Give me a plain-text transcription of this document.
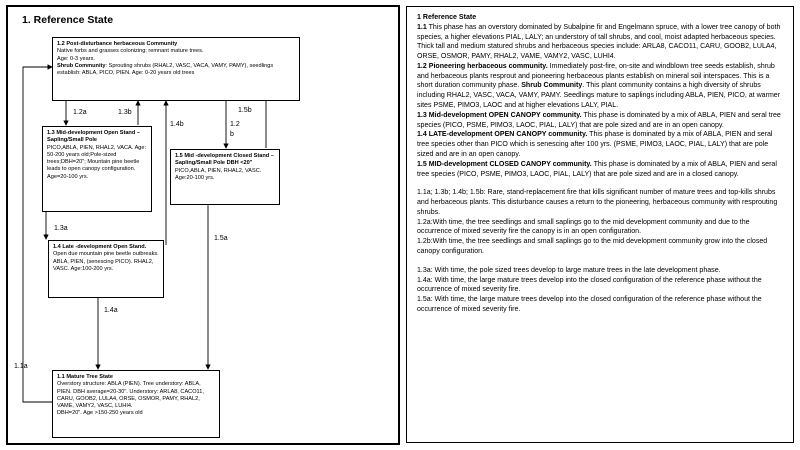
1. Reference State
1.2 Post-disturbance herbaceous Community
Native forbs and grasses colonizing; remnant mature trees.
Age: 0-3 years.
Shrub Community: Sprouting shrubs (RHAL2, VASC, VACA, VAMY, PAMY), seedlings establish: ABLA, PICO, PIEN. Age: 0-20 years old trees
1.3 Mid-development Open Stand – Sapling/Small Pole
PICO,ABLA, PIEN, RHAL2, VACA. Age: 50-200 years old;Pole-sized trees;DBH=20"; Mountain pine beetle leads to open canopy configuration. Age=20-100 yrs.
1.5 Mid -development Closed Stand – Sapling/Small Pole DBH <20"
PICO,ABLA, PIEN, RHAL2, VASC. Age:20-100 yrs.
1.4 Late -development Open Stand. Open due mountain pine beetle outbreaks. ABLA, PIEN, (senescing PICO). RHAL2, VASC. Age:100-200 yrs.
1.1 Mature Tree State
Overstory structure: ABLA (PIEN). Tree understory: ABLA, PIEN. DBH average=20-30". Understory: ARLA8, CACO11, CARU, GOOB2, LULA4, ORSE, OSMOR, PAMY, RHAL2, VAME, VAMY2, VASC, LUHI4.
DBH=20". Age >150-250 years old
1.2a	1.3b
1.4b	1.2
b
1.5b
1.3a
1.4a
1.5a
1.1a

1 Reference State

1.1 This phase has an overstory dominated by Subalpine fir and Engelmann spruce, with a lower tree canopy of both species, a higher elevations PIAL, LALY; an understory of tall shrubs, and cool, moist adapted herbaceous species. Thick tall and medium statured shrubs and herbaceous species include: ARLA8, CACO11, CARU, GOOB2, LULA4, ORSE, OSMOR, PAMY, RHAL2, VAME, VAMY2, VASC, LUHI4.

1.2 Pioneering herbaceous community. Immediately post-fire, on-site and windblown tree seeds establish, shrub and herbaceous plants resprout and pioneering herbaceous plants establish on mineral soil interspaces. This is a short duration community phase. Shrub Community. This plant community contains a high diversity of shrubs including RHAL2, VASC, VACA, VAMY, PAMY. Seedlings mature to saplings including ABLA, PIEN, PICO, at warmer sites PSME, PIMO3, LAOC and at higher elevations LALY, PIAL.

1.3 Mid-development OPEN CANOPY community. This phase is dominated by a mix of ABLA, PIEN and seral tree species (PICO, PSME, PIMO3, LAOC, PIAL, LALY) that are pole sized and are in an open canopy.

1.4 LATE-development OPEN CANOPY community. This phase is dominated by a mix of ABLA, PIEN and seral tree species other than PICO which is senescing after 100 yrs. (PSME, PIMO3, LAOC, PIAL, LALY) that are pole sized and are in an open canopy.

1.5 MID-development CLOSED CANOPY community. This phase is dominated by a mix of ABLA, PIEN and seral tree species (PICO, PSME, PIMO3, LAOC, PIAL, LALY) that are pole sized and are in a closed canopy.

1.1a; 1.3b; 1.4b; 1.5b: Rare, stand-replacement fire that kills significant number of mature trees and top-kills shrubs and herbaceous plants. This disturbance causes a return to the pioneering, herbaceous community with resprouting shrubs.

1.2a:With time, the tree seedlings and small saplings go to the mid development community and due to the occurrence of mixed severity fire the canopy is in an open configuration.

1.2b:With time, the tree seedlings and small saplings go to the mid development community grow into the closed canopy configuration.

1.3a: With time, the pole sized trees develop to large mature trees in the late development phase.

1.4a: With time, the large mature trees develop into the closed configuration of the reference phase without the occurrence of mixed severity fire.

1.5a: With time, the large mature trees develop into the closed configuration of the reference phase without the occurrence of mixed severity fire.
